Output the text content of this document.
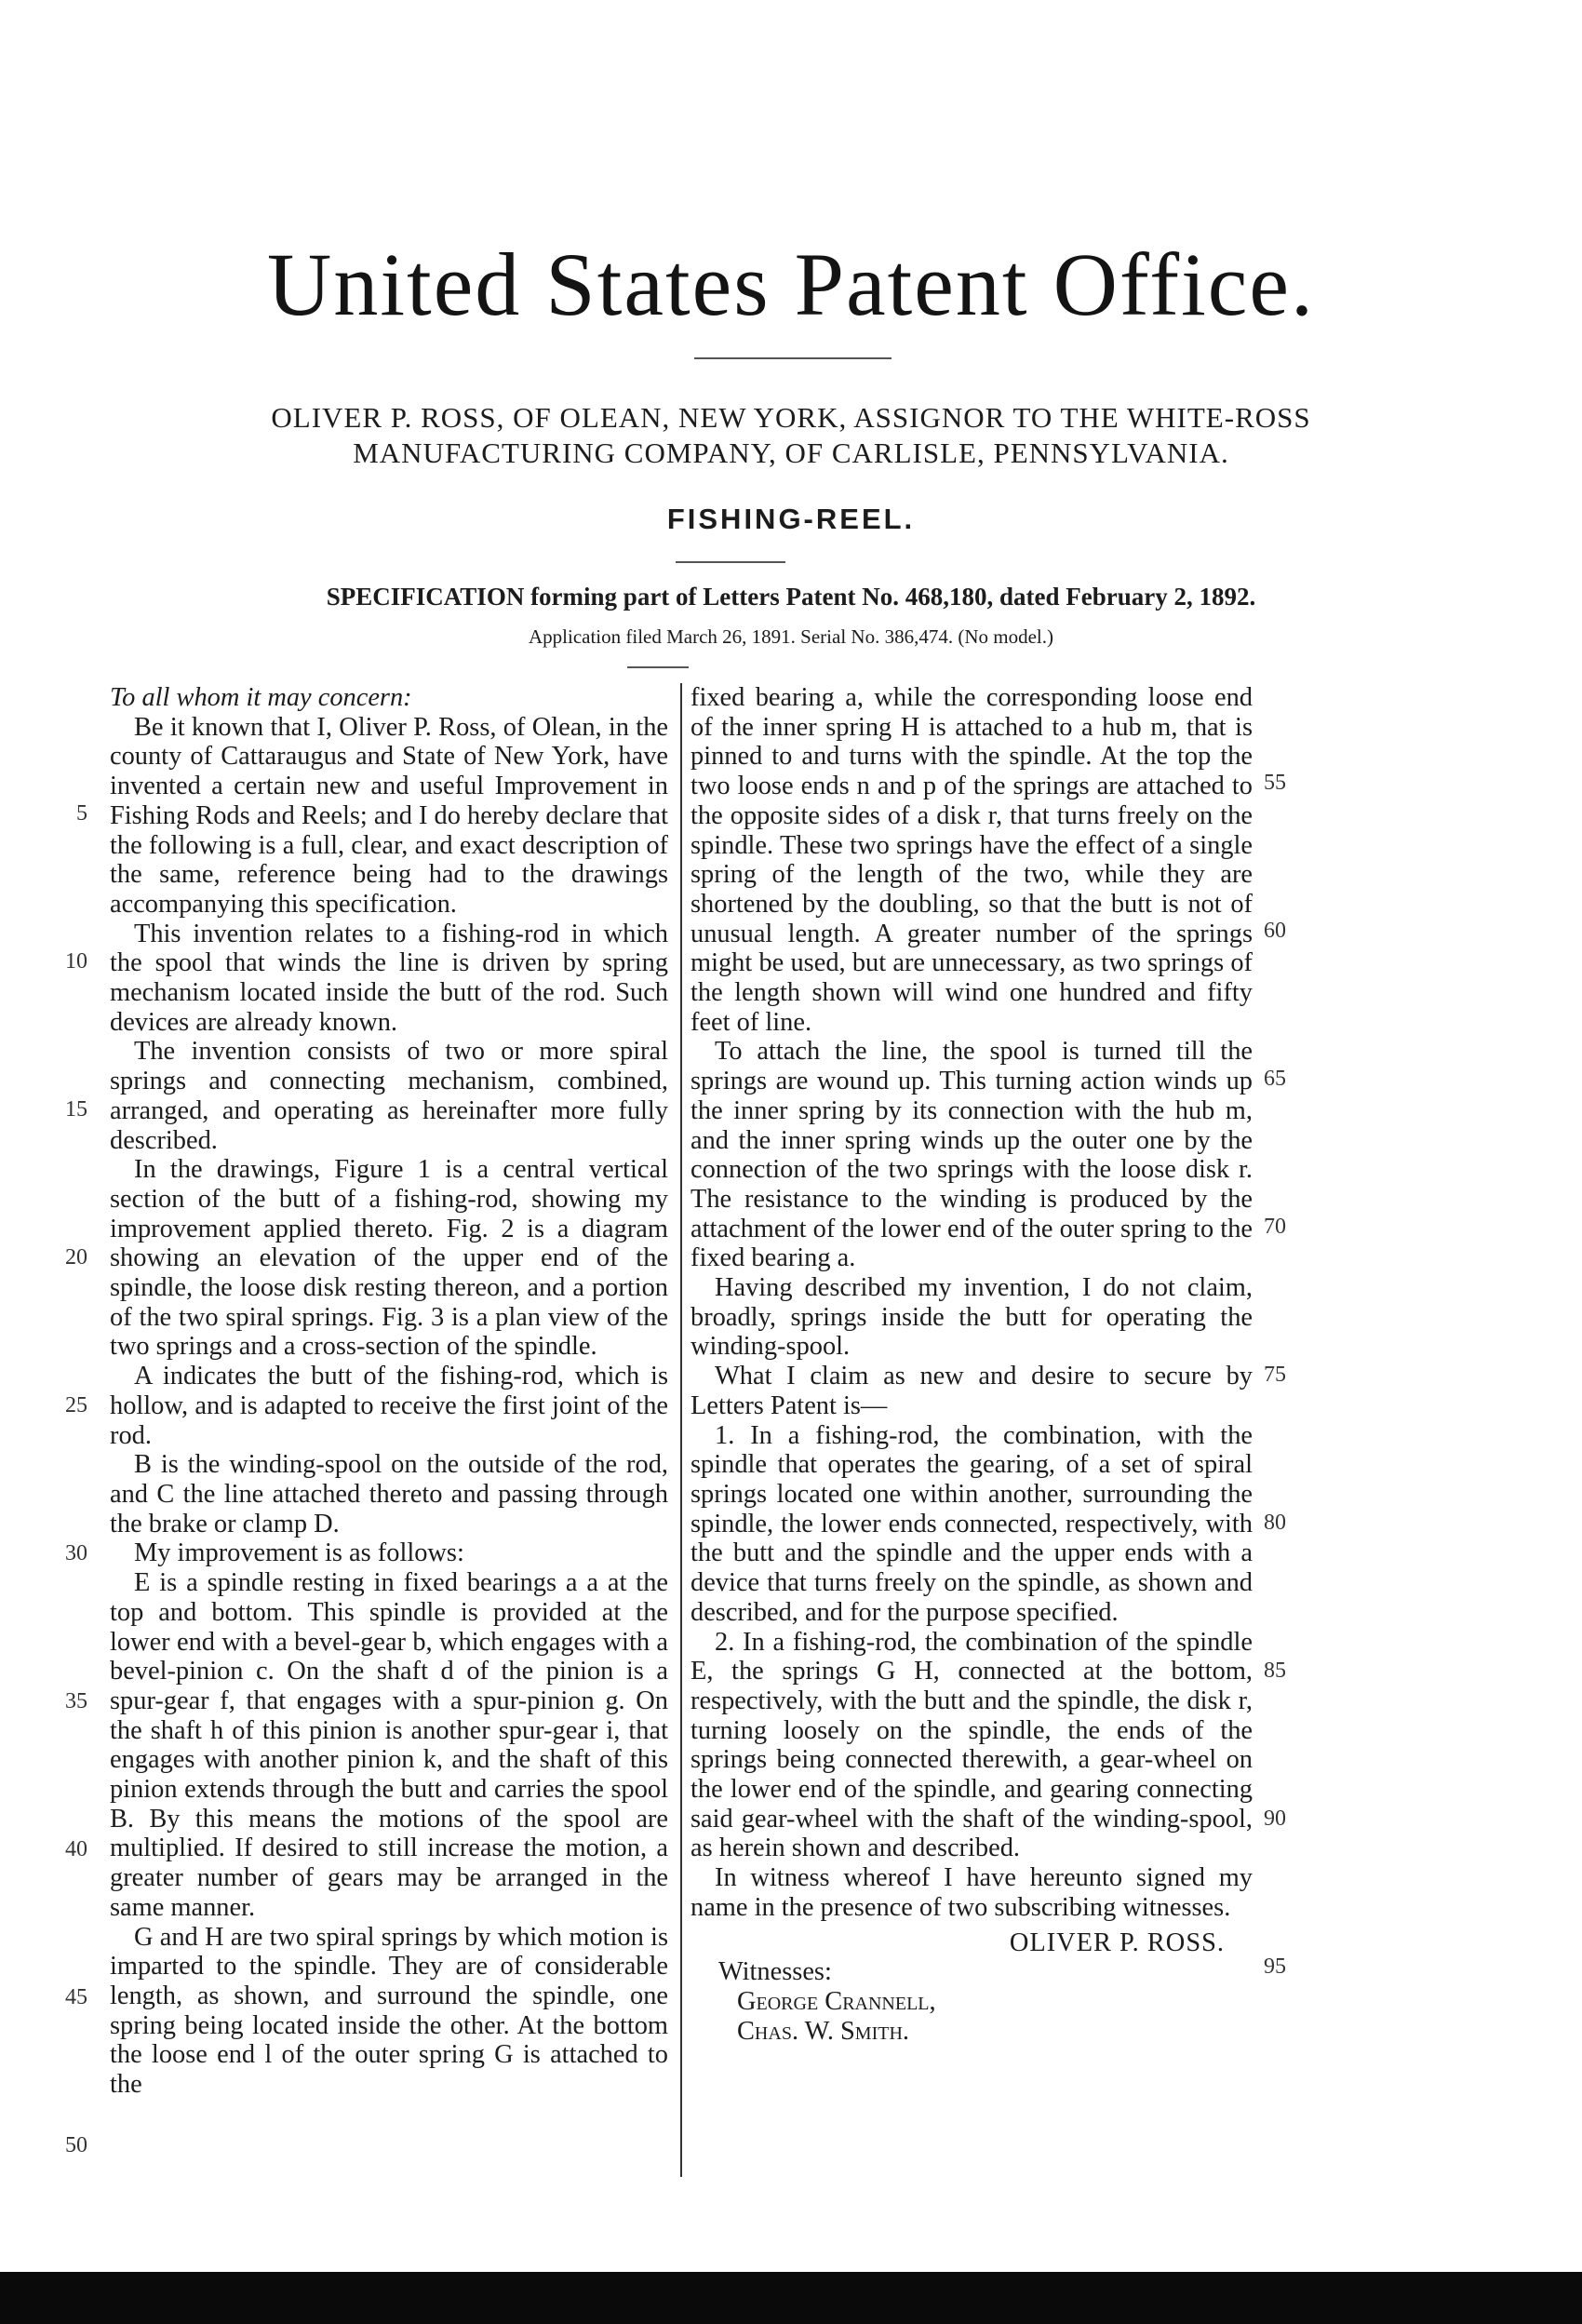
United States Patent Office.
OLIVER P. ROSS, OF OLEAN, NEW YORK, ASSIGNOR TO THE WHITE-ROSS
MANUFACTURING COMPANY, OF CARLISLE, PENNSYLVANIA.
FISHING-REEL.
SPECIFICATION forming part of Letters Patent No. 468,180, dated February 2, 1892.
Application filed March 26, 1891. Serial No. 386,474. (No model.)

To all whom it may concern:

Be it known that I, Oliver P. Ross, of Olean, in the county of Cattaraugus and State of New York, have invented a certain new and useful Improvement in Fishing Rods and Reels; and I do hereby declare that the following is a full, clear, and exact description of the same, reference being had to the drawings accompanying this specification.

This invention relates to a fishing-rod in which the spool that winds the line is driven by spring mechanism located inside the butt of the rod. Such devices are already known.

The invention consists of two or more spiral springs and connecting mechanism, combined, arranged, and operating as hereinafter more fully described.

In the drawings, Figure 1 is a central vertical section of the butt of a fishing-rod, showing my improvement applied thereto. Fig. 2 is a diagram showing an elevation of the upper end of the spindle, the loose disk resting thereon, and a portion of the two spiral springs. Fig. 3 is a plan view of the two springs and a cross-section of the spindle.

A indicates the butt of the fishing-rod, which is hollow, and is adapted to receive the first joint of the rod.

B is the winding-spool on the outside of the rod, and C the line attached thereto and passing through the brake or clamp D.

My improvement is as follows:

E is a spindle resting in fixed bearings a a at the top and bottom. This spindle is provided at the lower end with a bevel-gear b, which engages with a bevel-pinion c. On the shaft d of the pinion is a spur-gear f, that engages with a spur-pinion g. On the shaft h of this pinion is another spur-gear i, that engages with another pinion k, and the shaft of this pinion extends through the butt and carries the spool B. By this means the motions of the spool are multiplied. If desired to still increase the motion, a greater number of gears may be arranged in the same manner.

G and H are two spiral springs by which motion is imparted to the spindle. They are of considerable length, as shown, and surround the spindle, one spring being located inside the other. At the bottom the loose end l of the outer spring G is attached to the

fixed bearing a, while the corresponding loose end of the inner spring H is attached to a hub m, that is pinned to and turns with the spindle. At the top the two loose ends n and p of the springs are attached to the opposite sides of a disk r, that turns freely on the spindle. These two springs have the effect of a single spring of the length of the two, while they are shortened by the doubling, so that the butt is not of unusual length. A greater number of the springs might be used, but are unnecessary, as two springs of the length shown will wind one hundred and fifty feet of line.

To attach the line, the spool is turned till the springs are wound up. This turning action winds up the inner spring by its connection with the hub m, and the inner spring winds up the outer one by the connection of the two springs with the loose disk r. The resistance to the winding is produced by the attachment of the lower end of the outer spring to the fixed bearing a.

Having described my invention, I do not claim, broadly, springs inside the butt for operating the winding-spool.

What I claim as new and desire to secure by Letters Patent is—

1. In a fishing-rod, the combination, with the spindle that operates the gearing, of a set of spiral springs located one within another, surrounding the spindle, the lower ends connected, respectively, with the butt and the spindle and the upper ends with a device that turns freely on the spindle, as shown and described, and for the purpose specified.

2. In a fishing-rod, the combination of the spindle E, the springs G H, connected at the bottom, respectively, with the butt and the spindle, the disk r, turning loosely on the spindle, the ends of the springs being connected therewith, a gear-wheel on the lower end of the spindle, and gearing connecting said gear-wheel with the shaft of the winding-spool, as herein shown and described.

In witness whereof I have hereunto signed my name in the presence of two subscribing witnesses.

OLIVER P. ROSS.

Witnesses:

George Crannell,

Chas. W. Smith.

5
10
15
20
25
30
35
40
45
50
55
60
65
70
75
80
85
90
95
